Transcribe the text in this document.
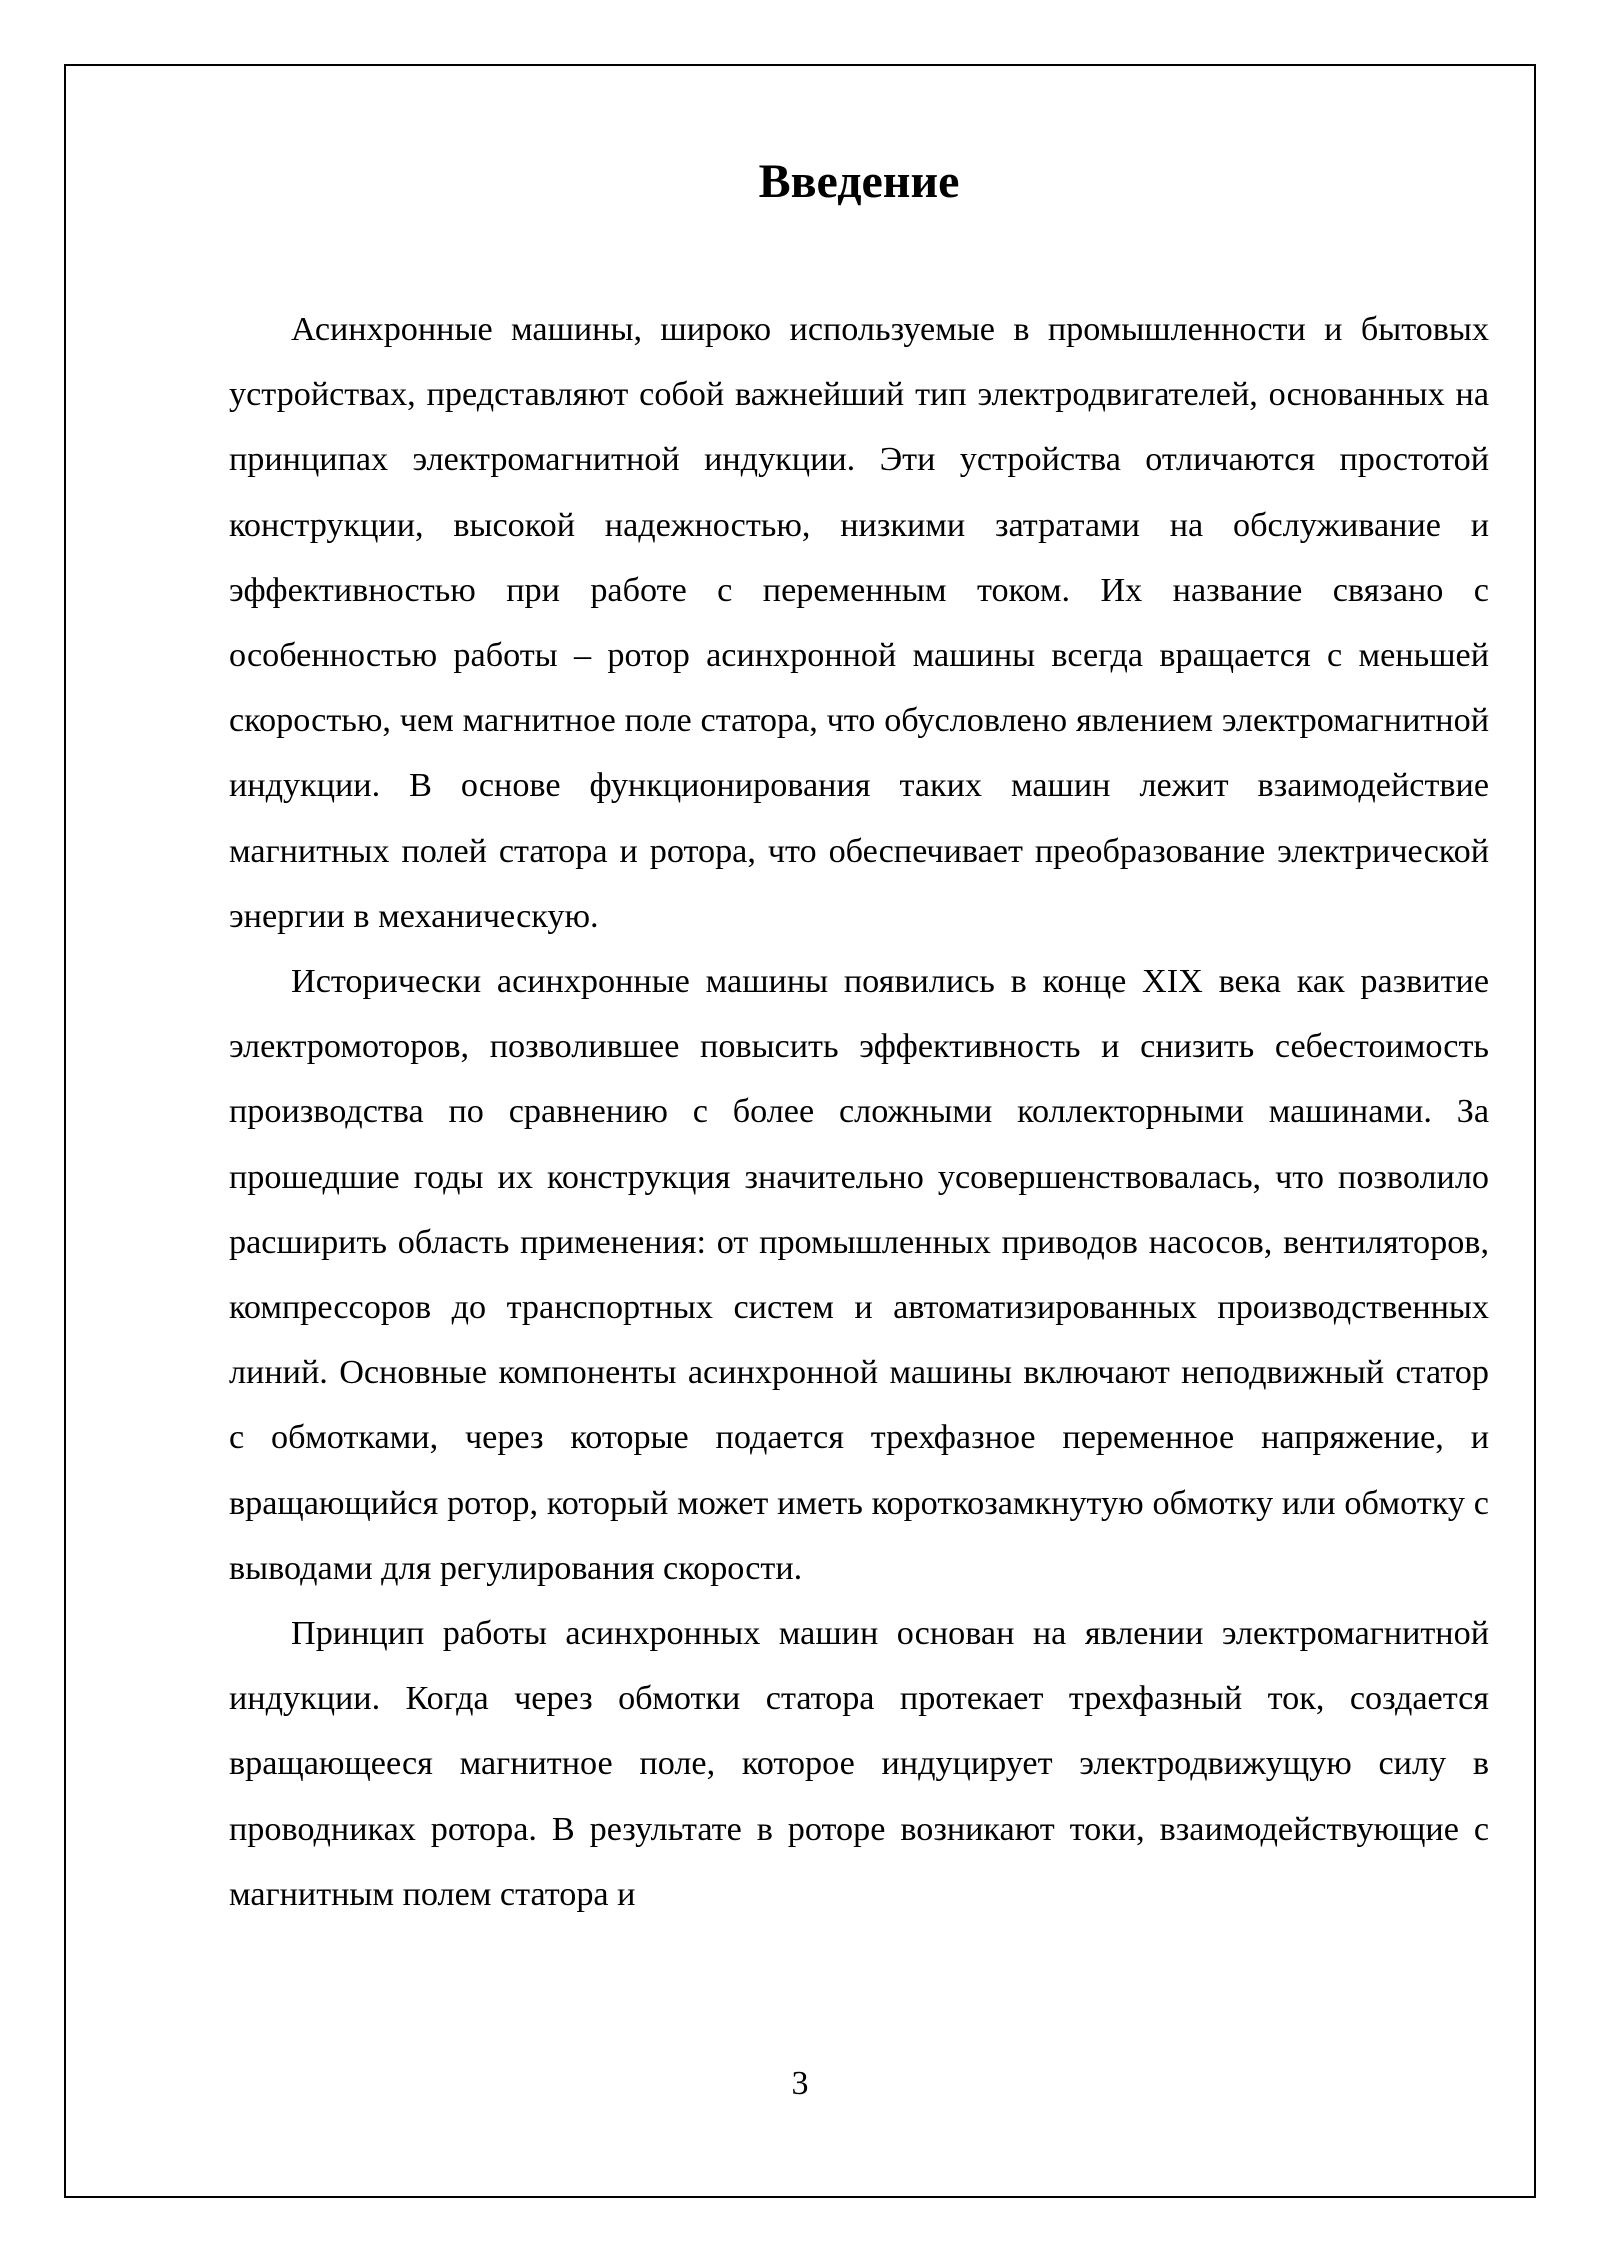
Введение

Асинхронные машины, широко используемые в промышленности и бытовых устройствах, представляют собой важнейший тип электродвигателей, основанных на принципах электромагнитной индукции. Эти устройства отличаются простотой конструкции, высокой надежностью, низкими затратами на обслуживание и эффективностью при работе с переменным током. Их название связано с особенностью работы – ротор асинхронной машины всегда вращается с меньшей скоростью, чем магнитное поле статора, что обусловлено явлением электромагнитной индукции. В основе функционирования таких машин лежит взаимодействие магнитных полей статора и ротора, что обеспечивает преобразование электрической энергии в механическую.

Исторически асинхронные машины появились в конце XIX века как развитие электромоторов, позволившее повысить эффективность и снизить себестоимость производства по сравнению с более сложными коллекторными машинами. За прошедшие годы их конструкция значительно усовершенствовалась, что позволило расширить область применения: от промышленных приводов насосов, вентиляторов, компрессоров до транспортных систем и автоматизированных производственных линий. Основные компоненты асинхронной машины включают неподвижный статор с обмотками, через которые подается трехфазное переменное напряжение, и вращающийся ротор, который может иметь короткозамкнутую обмотку или обмотку с выводами для регулирования скорости.

Принцип работы асинхронных машин основан на явлении электромагнитной индукции. Когда через обмотки статора протекает трехфазный ток, создается вращающееся магнитное поле, которое индуцирует электродвижущую силу в проводниках ротора. В результате в роторе возникают токи, взаимодействующие с магнитным полем статора и

3
